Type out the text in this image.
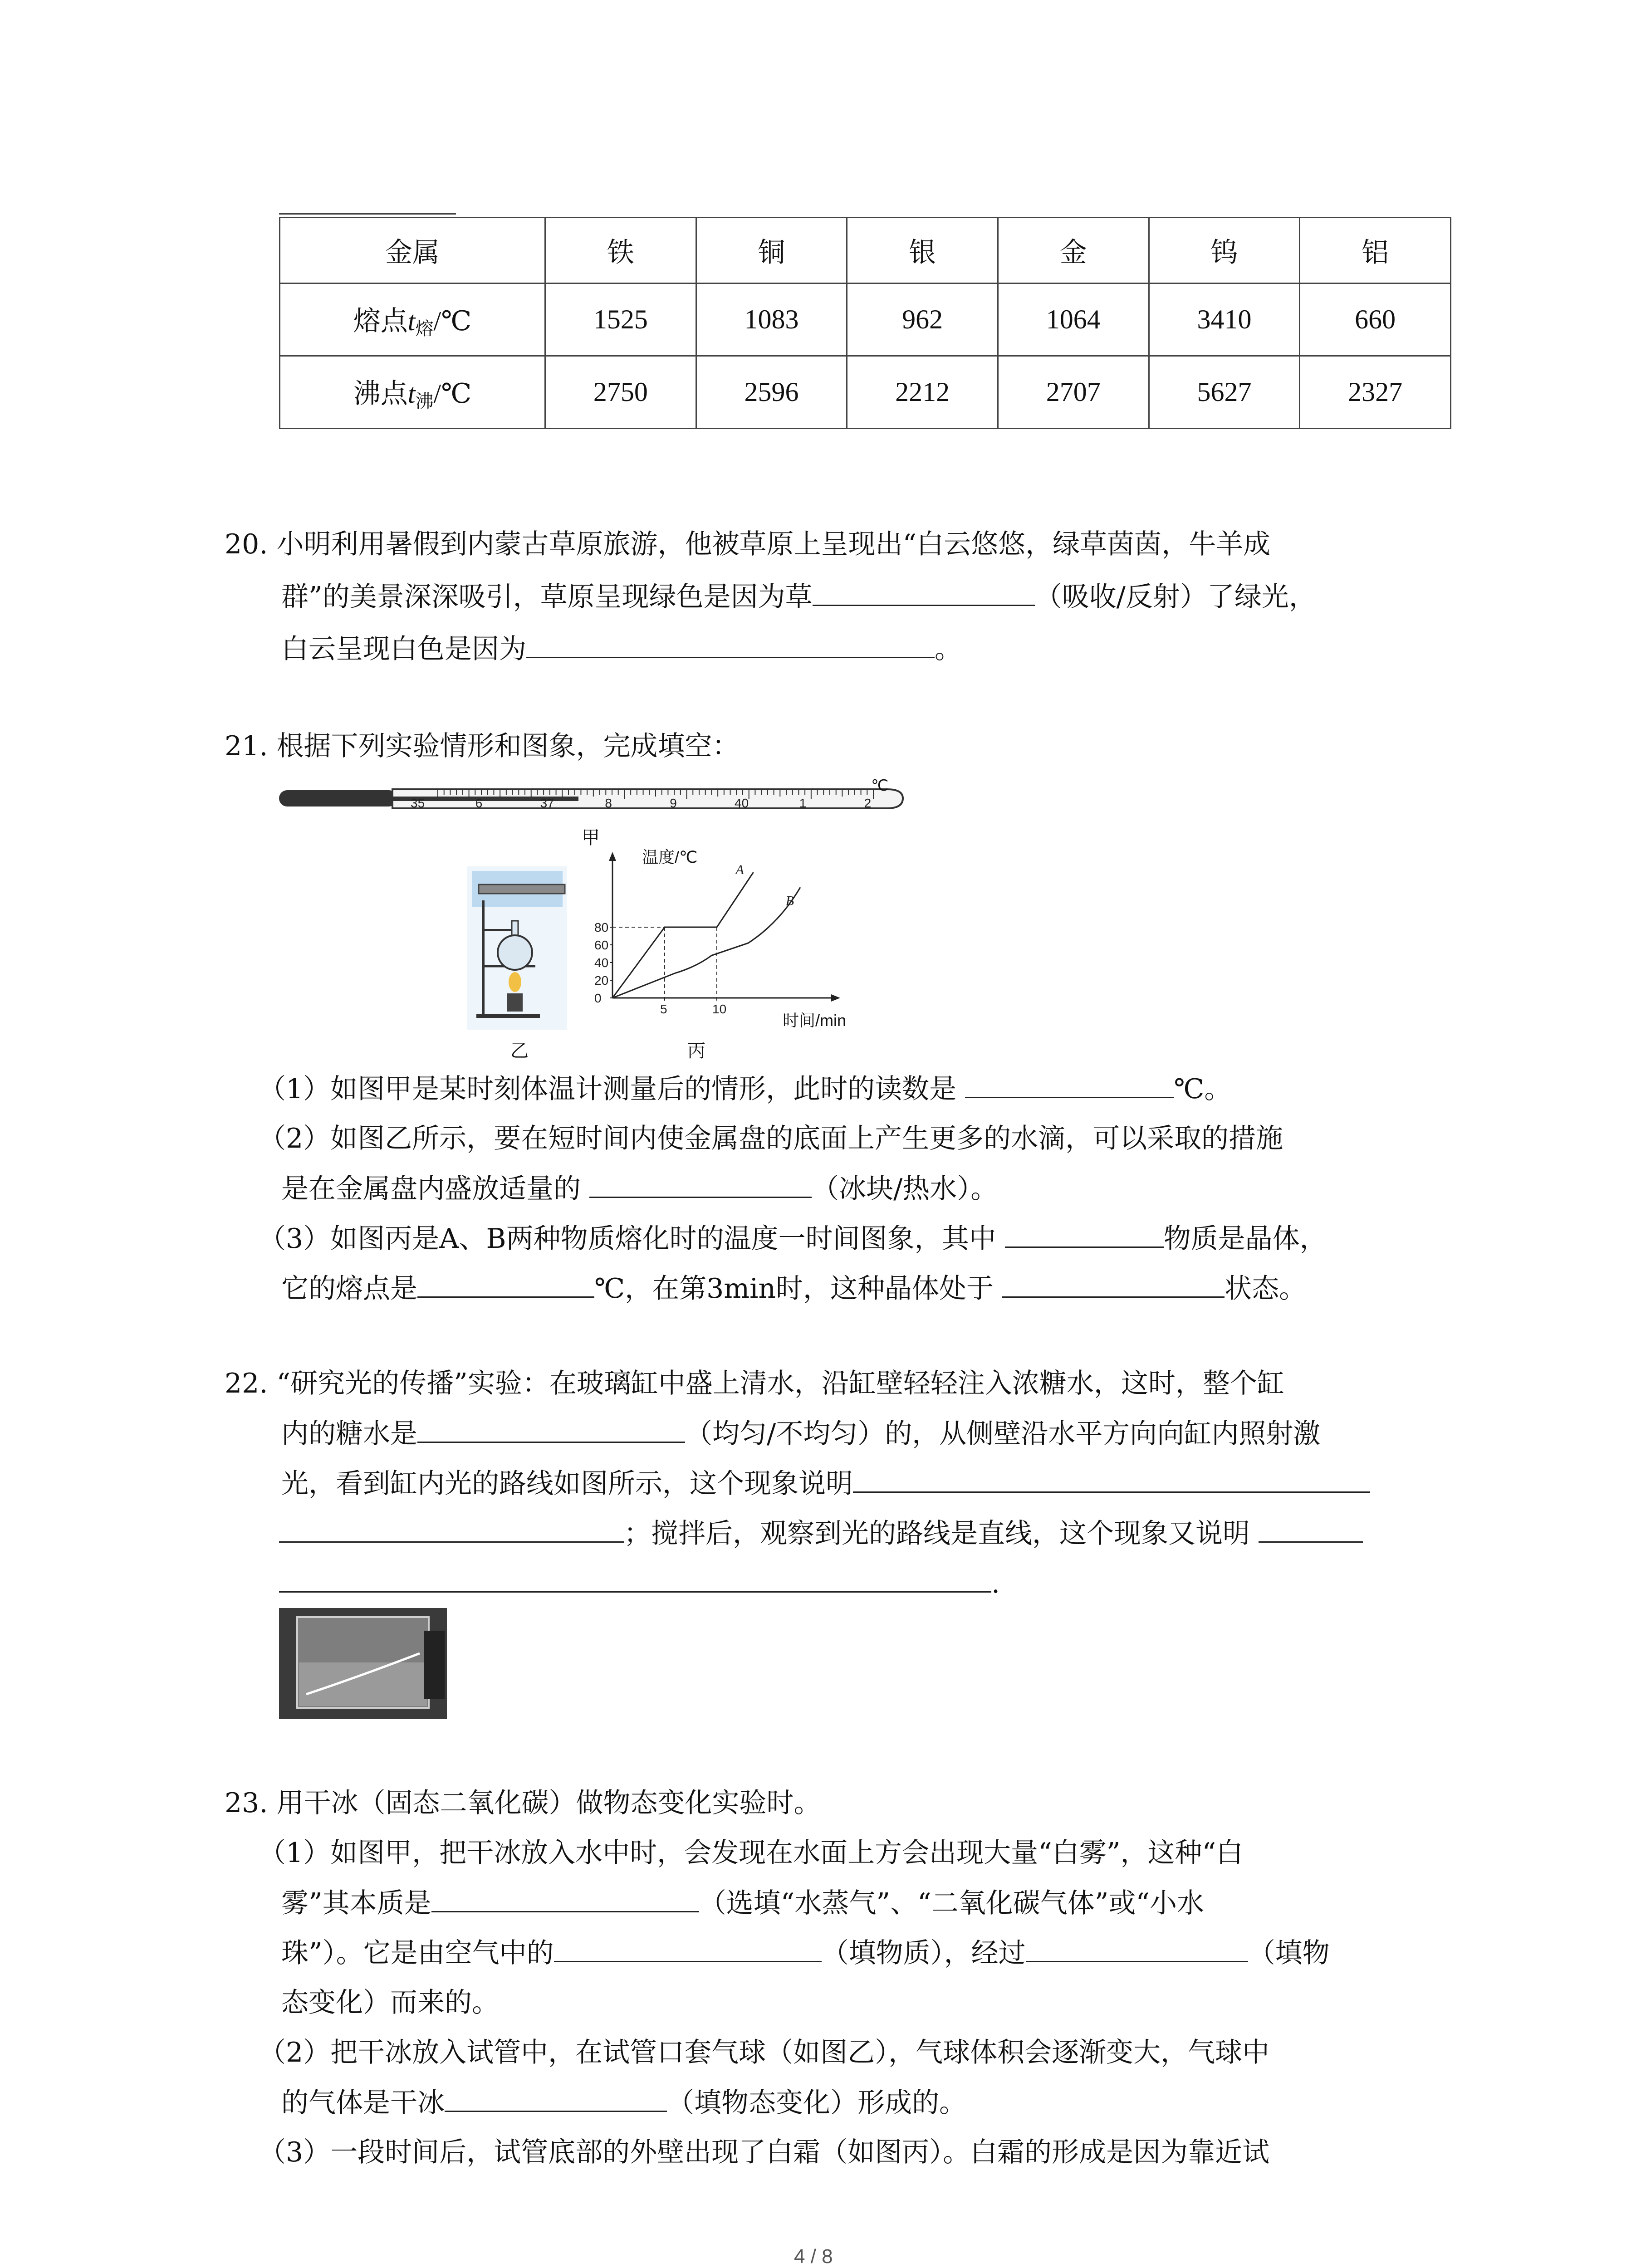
金属	铁	铜	银	金	钨	铝
熔点$t_熔/℃$	1525	1083	962	1064	3410	660
沸点$t_沸/℃$	2750	2596	2212	2707	5627	2327
20. 小明利用暑假到内蒙古草原旅游，他被草原上呈现出“白云悠悠，绿草茵茵，牛羊成
群”的美景深深吸引，草原呈现绿色是因为草	（吸收/反射）了绿光，
白云呈现白色是因为	。
21. 根据下列实验情形和图象，完成填空：
35	6	37	8	9	40	1	2
℃
甲
乙
0
20
40
60
80
5	10
A
B
温度/℃
时间/min
丙
（1）如图甲是某时刻体温计测量后的情形，此时的读数是	℃。
（2）如图乙所示，要在短时间内使金属盘的底面上产生更多的水滴，可以采取的措施
是在金属盘内盛放适量的	（冰块/热水）。
（3）如图丙是A、B两种物质熔化时的温度一时间图象，其中	物质是晶体，
它的熔点是	℃，在第3min时，这种晶体处于	状态。
22. “研究光的传播”实验：在玻璃缸中盛上清水，沿缸壁轻轻注入浓糖水，这时，整个缸
内的糖水是	（均匀/不均匀）的，从侧壁沿水平方向向缸内照射激
光，看到缸内光的路线如图所示，这个现象说明
；搅拌后，观察到光的路线是直线，这个现象又说明
.
23. 用干冰（固态二氧化碳）做物态变化实验时。
（1）如图甲，把干冰放入水中时，会发现在水面上方会出现大量“白雾”，这种“白
雾”其本质是	（选填“水蒸气”、“二氧化碳气体”或“小水
珠”）。它是由空气中的	（填物质），经过	（填物
态变化）而来的。
（2）把干冰放入试管中，在试管口套气球（如图乙），气球体积会逐渐变大，气球中
的气体是干冰	（填物态变化）形成的。
（3）一段时间后，试管底部的外壁出现了白霜（如图丙）。白霜的形成是因为靠近试
4 / 8
